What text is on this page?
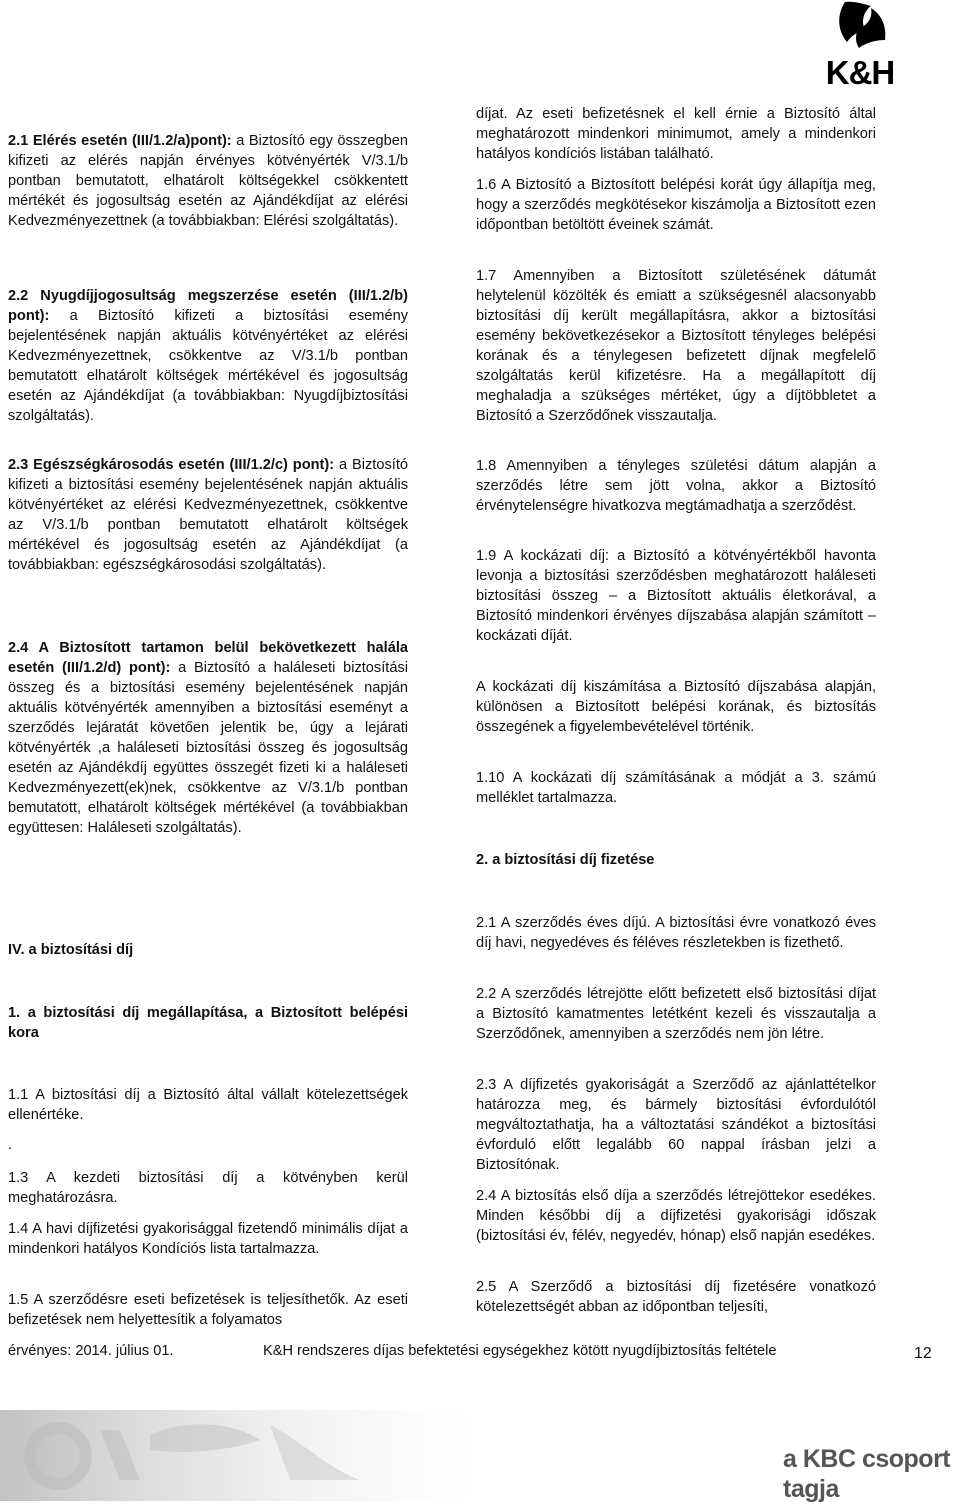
K&H

2.1 Elérés esetén (III/1.2/a)pont): a Biztosító egy összegben kifizeti az elérés napján érvényes kötvényérték V/3.1/b pontban bemutatott, elhatárolt költségekkel csökkentett mértékét és jogosultság esetén az Ajándékdíjat az elérési Kedvezményezettnek (a továbbiakban: Elérési szolgáltatás).

2.2 Nyugdíjjogosultság megszerzése esetén (III/1.2/b) pont): a Biztosító kifizeti a biztosítási esemény bejelentésének napján aktuális kötvényértéket az elérési Kedvezményezettnek, csökkentve az V/3.1/b pontban bemutatott elhatárolt költségek mértékével és jogosultság esetén az Ajándékdíjat (a továbbiakban: Nyugdíjbiztosítási szolgáltatás).

2.3 Egészségkárosodás esetén (III/1.2/c) pont): a Biztosító kifizeti a biztosítási esemény bejelentésének napján aktuális kötvényértéket az elérési Kedvezményezettnek, csökkentve az V/3.1/b pontban bemutatott elhatárolt költségek mértékével és jogosultság esetén az Ajándékdíjat (a továbbiakban: egészségkárosodási szolgáltatás).

2.4 A Biztosított tartamon belül bekövetkezett halála esetén (III/1.2/d) pont): a Biztosító a haláleseti biztosítási összeg és a biztosítási esemény bejelentésének napján aktuális kötvényérték amennyiben a biztosítási eseményt a szerződés lejáratát követően jelentik be, úgy a lejárati kötvényérték ,a haláleseti biztosítási összeg és jogosultság esetén az Ajándékdíj együttes összegét fizeti ki a haláleseti Kedvezményezett(ek)nek, csökkentve az V/3.1/b pontban bemutatott, elhatárolt költségek mértékével (a továbbiakban együttesen: Haláleseti szolgáltatás).

IV. a biztosítási díj

1. a biztosítási díj megállapítása, a Biztosított belépési kora

1.1 A biztosítási díj a Biztosító által vállalt kötelezettségek ellenértéke.

.

1.3 A kezdeti biztosítási díj a kötvényben kerül meghatározásra.

1.4 A havi díjfizetési gyakorisággal fizetendő minimális díjat a mindenkori hatályos Kondíciós lista tartalmazza.

1.5 A szerződésre eseti befizetések is teljesíthetők. Az eseti befizetések nem helyettesítik a folyamatos

díjat. Az eseti befizetésnek el kell érnie a Biztosító által meghatározott mindenkori minimumot, amely a mindenkori hatályos kondíciós listában található.

1.6 A Biztosító a Biztosított belépési korát úgy állapítja meg, hogy a szerződés megkötésekor kiszámolja a Biztosított ezen időpontban betöltött éveinek számát.

1.7 Amennyiben a Biztosított születésének dátumát helytelenül közölték és emiatt a szükségesnél alacsonyabb biztosítási díj került megállapításra, akkor a biztosítási esemény bekövetkezésekor a Biztosított tényleges belépési korának és a ténylegesen befizetett díjnak megfelelő szolgáltatás kerül kifizetésre. Ha a megállapított díj meghaladja a szükséges mértéket, úgy a díjtöbbletet a Biztosító a Szerződőnek visszautalja.

1.8 Amennyiben a tényleges születési dátum alapján a szerződés létre sem jött volna, akkor a Biztosító érvénytelenségre hivatkozva megtámadhatja a szerződést.

1.9 A kockázati díj: a Biztosító a kötvényértékből havonta levonja a biztosítási szerződésben meghatározott haláleseti biztosítási összeg – a Biztosított aktuális életkorával, a Biztosító mindenkori érvényes díjszabása alapján számított – kockázati díját.

A kockázati díj kiszámítása a Biztosító díjszabása alapján, különösen a Biztosított belépési korának, és biztosítás összegének a figyelembevételével történik.

1.10 A kockázati díj számításának a módját a 3. számú melléklet tartalmazza.

2. a biztosítási díj fizetése

2.1 A szerződés éves díjú. A biztosítási évre vonatkozó éves díj havi, negyedéves és féléves részletekben is fizethető.

2.2 A szerződés létrejötte előtt befizetett első biztosítási díjat a Biztosító kamatmentes letétként kezeli és visszautalja a Szerződőnek, amennyiben a szerződés nem jön létre.

2.3 A díjfizetés gyakoriságát a Szerződő az ajánlattételkor határozza meg, és bármely biztosítási évfordulótól megváltoztathatja, ha a változtatási szándékot a biztosítási évforduló előtt legalább 60 nappal írásban jelzi a Biztosítónak.

2.4 A biztosítás első díja a szerződés létrejöttekor esedékes. Minden későbbi díj a díjfizetési gyakorisági időszak (biztosítási év, félév, negyedév, hónap) első napján esedékes.

2.5 A Szerződő a biztosítási díj fizetésére vonatkozó kötelezettségét abban az időpontban teljesíti,

érvényes: 2014. július 01.	K&H rendszeres díjas befektetési egységekhez kötött nyugdíjbiztosítás feltétele	12
a KBC csoport tagja
